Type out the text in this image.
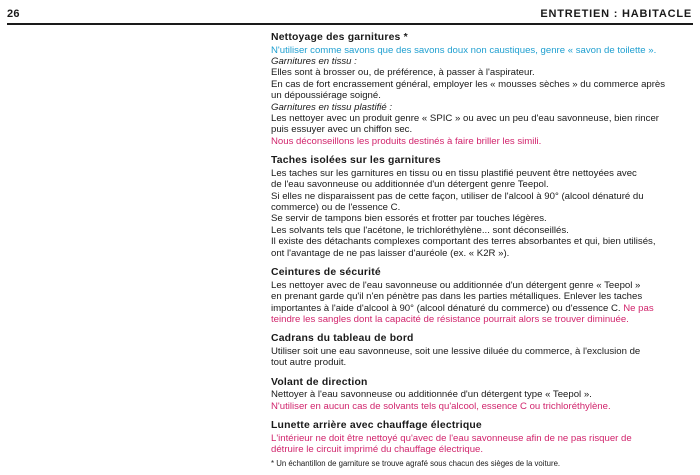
26	ENTRETIEN : HABITACLE
Nettoyage des garnitures *
N'utiliser comme savons que des savons doux non caustiques, genre « savon de toilette ».
Garnitures en tissu :
Elles sont à brosser ou, de préférence, à passer à l'aspirateur.
En cas de fort encrassement général, employer les « mousses sèches » du commerce après
un dépoussiérage soigné.
Garnitures en tissu plastifié :
Les nettoyer avec un produit genre « SPIC » ou avec un peu d'eau savonneuse, bien rincer
puis essuyer avec un chiffon sec.
Nous déconseillons les produits destinés à faire briller les simili.
Taches isolées sur les garnitures
Les taches sur les garnitures en tissu ou en tissu plastifié peuvent être nettoyées avec
de l'eau savonneuse ou additionnée d'un détergent genre Teepol.
Si elles ne disparaissent pas de cette façon, utiliser de l'alcool à 90° (alcool dénaturé du
commerce) ou de l'essence C.
Se servir de tampons bien essorés et frotter par touches légères.
Les solvants tels que l'acétone, le trichloréthylène... sont déconseillés.
Il existe des détachants complexes comportant des terres absorbantes et qui, bien utilisés,
ont l'avantage de ne pas laisser d'auréole (ex. « K2R »).
Ceintures de sécurité
Les nettoyer avec de l'eau savonneuse ou additionnée d'un détergent genre « Teepol »
en prenant garde qu'il n'en pénètre pas dans les parties métalliques. Enlever les taches
importantes à l'aide d'alcool à 90° (alcool dénaturé du commerce) ou d'essence C. Ne pas
teindre les sangles dont la capacité de résistance pourrait alors se trouver diminuée.
Cadrans du tableau de bord
Utiliser soit une eau savonneuse, soit une lessive diluée du commerce, à l'exclusion de
tout autre produit.
Volant de direction
Nettoyer à l'eau savonneuse ou additionnée d'un détergent type « Teepol ».
N'utiliser en aucun cas de solvants tels qu'alcool, essence C ou trichloréthylène.
Lunette arrière avec chauffage électrique
L'intérieur ne doit être nettoyé qu'avec de l'eau savonneuse afin de ne pas risquer de
détruire le circuit imprimé du chauffage électrique.
* Un échantillon de garniture se trouve agrafé sous chacun des sièges de la voiture.
